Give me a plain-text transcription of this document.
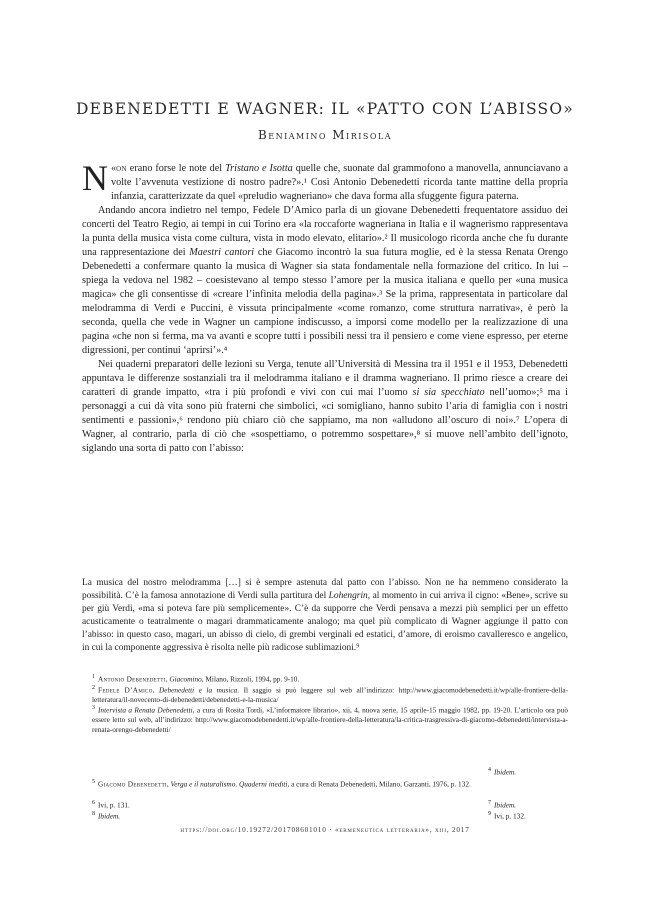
DEBENEDETTI E WAGNER: IL «PATTO CON L’ABISSO»
Beniamino Mirisola

«
N on erano forse le note del Tristano e Isotta quelle che, suonate dal grammofono a manovella, annunciavano a volte l’avvenuta vestizione di nostro padre?».¹ Così Antonio Debenedetti ricorda tante mattine della propria infanzia, caratterizzate da quel «preludio wagneriano» che dava forma alla sfuggente figura paterna.

Andando ancora indietro nel tempo, Fedele D’Amico parla di un giovane Debenedetti frequentatore assiduo dei concerti del Teatro Regio, ai tempi in cui Torino era «la roccaforte wagneriana in Italia e il wagnerismo rappresentava la punta della musica vista come cultura, vista in modo elevato, elitario».² Il musicologo ricorda anche che fu durante una rappresentazione dei Maestri cantori che Giacomo incontrò la sua futura moglie, ed è la stessa Renata Orengo Debenedetti a confermare quanto la musica di Wagner sia stata fondamentale nella formazione del critico. In lui – spiega la vedova nel 1982 – coesistevano al tempo stesso l’amore per la musica italiana e quello per «una musica magica» che gli consentisse di «creare l’infinita melodia della pagina».³ Se la prima, rappresentata in particolare dal melodramma di Verdi e Puccini, è vissuta principalmente «come romanzo, come struttura narrativa», è però la seconda, quella che vede in Wagner un campione indiscusso, a imporsi come modello per la realizzazione di una pagina «che non si ferma, ma va avanti e scopre tutti i possibili nessi tra il pensiero e come viene espresso, per eterne digressioni, per continui ‘aprirsi’».⁴

Nei quaderni preparatori delle lezioni su Verga, tenute all’Università di Messina tra il 1951 e il 1953, Debenedetti appuntava le differenze sostanziali tra il melodramma italiano e il dramma wagneriano. Il primo riesce a creare dei caratteri di grande impatto, «tra i più profondi e vivi con cui mai l’uomo si sia specchiato nell’uomo»;⁵ ma i personaggi a cui dà vita sono più fraterni che simbolici, «ci somigliano, hanno subito l’aria di famiglia con i nostri sentimenti e passioni»,⁶ rendono più chiaro ciò che sappiamo, ma non «alludono all’oscuro di noi».⁷ L’opera di Wagner, al contrario, parla di ciò che «sospettiamo, o potremmo sospettare»,⁸ si muove nell’ambito dell’ignoto, siglando una sorta di patto con l’abisso:

La musica del nostro melodramma […] si è sempre astenuta dal patto con l’abisso. Non ne ha nemmeno considerato la possibilità. C’è la famosa annotazione di Verdi sulla partitura del Lohengrin, al momento in cui arriva il cigno: «Bene», scrive su per giù Verdi, «ma si poteva fare più semplicemente». C’è da supporre che Verdi pensava a mezzi più semplici per un effetto acusticamente o teatralmente o magari drammaticamente analogo; ma quel più complicato di Wagner aggiunge il patto con l’abisso: in questo caso, magari, un abisso di cielo, di grembi verginali ed estatici, d’amore, di eroismo cavalleresco e angelico, in cui la componente aggressiva è risolta nelle più radicose sublimazioni.⁹
$^1$ Antonio Debenedetti, Giacomino, Milano, Rizzoli, 1994, pp. 9-10.
$^2$ Fedele D’Amico, Debenedetti e la musica. Il saggio si può leggere sul web all’indirizzo: http://www.giacomodebenedetti.it/wp/alle-frontiere-della-letteratura/il-novecento-di-debenedetti/debenedetti-e-la-musica/
$^3$ Intervista a Renata Debenedetti, a cura di Rosita Tordi, «L’informatore librario», xii, 4, nuova serie, 15 aprile-15 maggio 1982, pp. 19-20. L’articolo ora può essere letto sul web, all’indirizzo: http://www.giacomodebenedetti.it/wp/alle-frontiere-della-letteratura/la-critica-trasgressiva-di-giacomo-debenedetti/intervista-a-renata-orengo-debenedetti/
$^4$ Ibidem.
$^5$ Giacomo Debenedetti, Verga e il naturalismo. Quaderni inediti, a cura di Renata Debenedetti, Milano, Garzanti, 1976, p. 132.
$^6$ Ivi, p. 131.	$^7$ Ibidem.
$^8$ Ibidem.	$^9$ Ivi, p. 132.
https://doi.org/10.19272/201708601010 · «ermeneutica letteraria», xiii, 2017
